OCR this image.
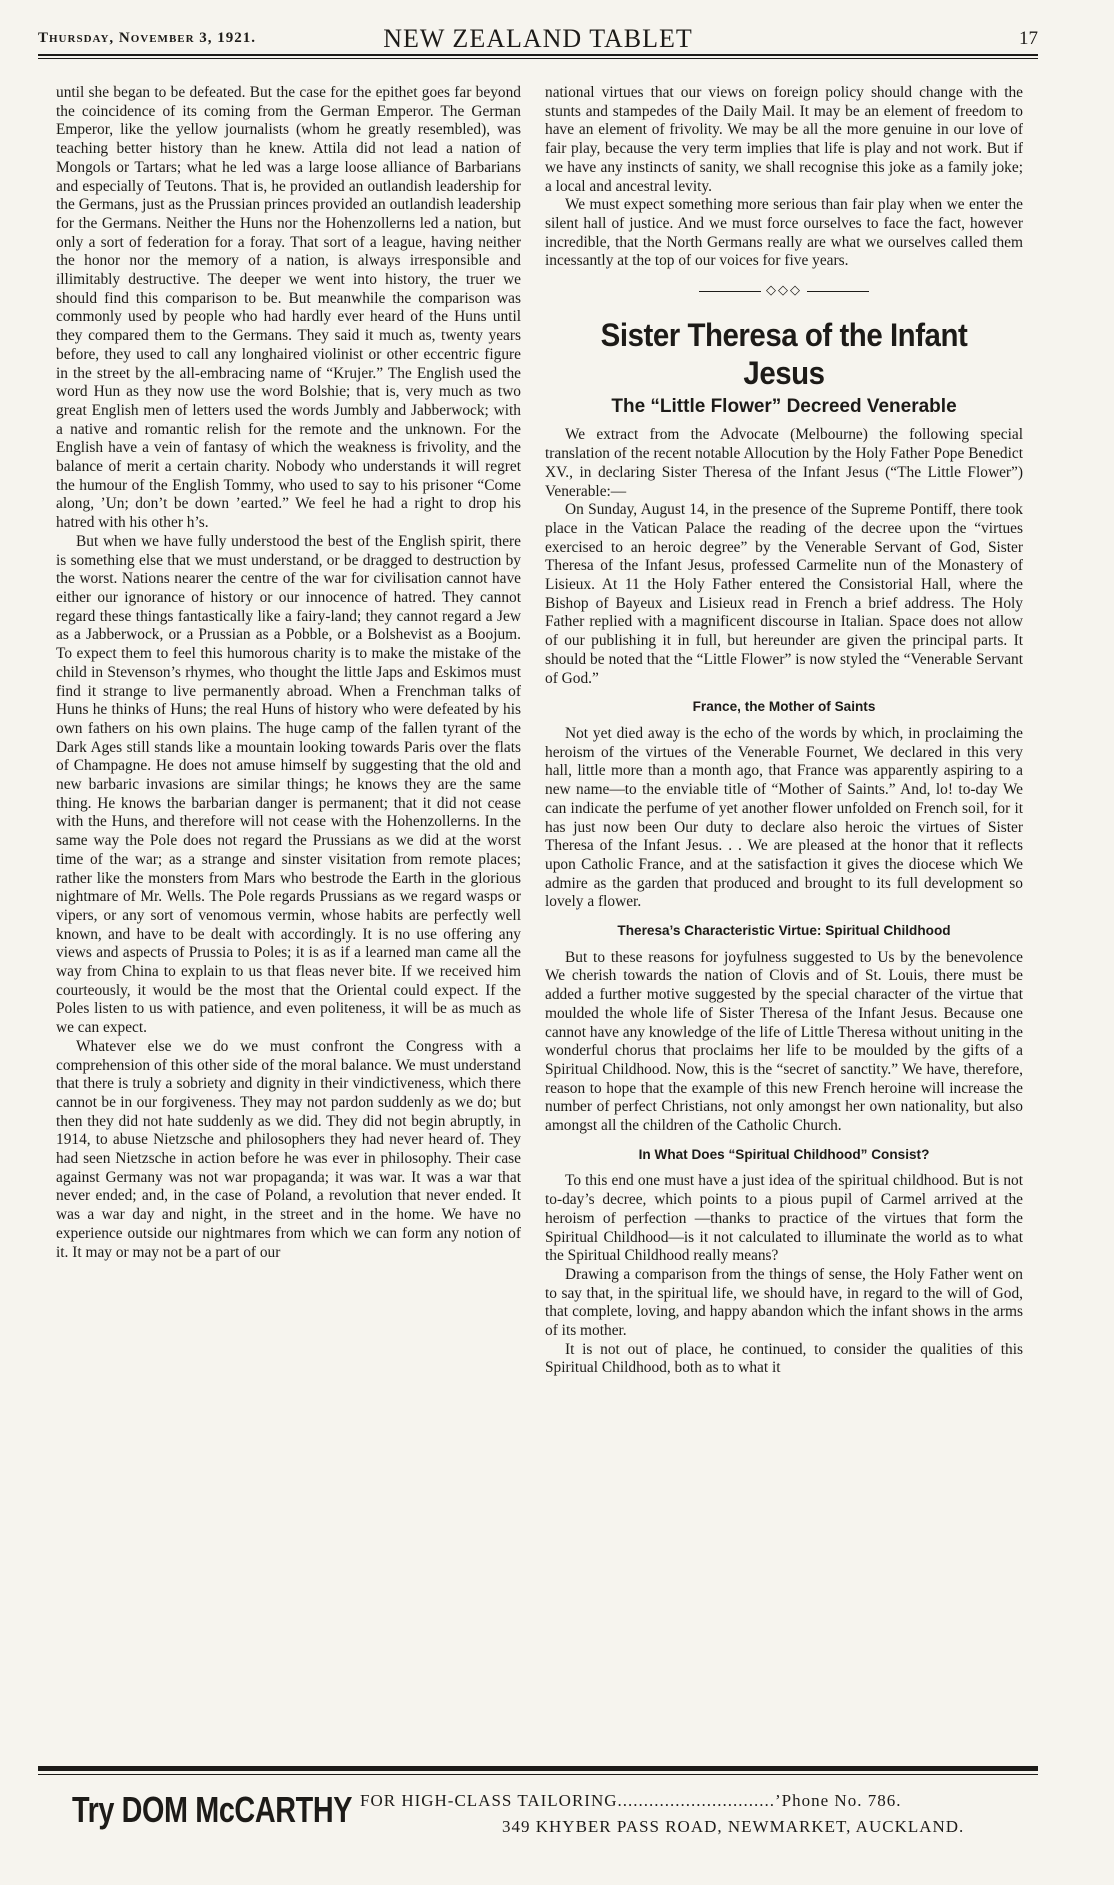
Thursday, November 3, 1921.	NEW ZEALAND TABLET	17

until she began to be defeated. But the case for the epithet goes far beyond the coincidence of its coming from the German Emperor. The German Emperor, like the yellow journalists (whom he greatly resembled), was teaching better history than he knew. Attila did not lead a nation of Mongols or Tartars; what he led was a large loose alliance of Barbarians and especially of Teutons. That is, he provided an outlandish leadership for the Germans, just as the Prussian princes provided an outlandish leadership for the Germans. Neither the Huns nor the Hohenzollerns led a nation, but only a sort of federation for a foray. That sort of a league, having neither the honor nor the memory of a nation, is always irresponsible and illimitably destructive. The deeper we went into history, the truer we should find this comparison to be. But meanwhile the comparison was commonly used by people who had hardly ever heard of the Huns until they compared them to the Germans. They said it much as, twenty years before, they used to call any longhaired violinist or other eccentric figure in the street by the all-embracing name of “Krujer.” The English used the word Hun as they now use the word Bolshie; that is, very much as two great English men of letters used the words Jumbly and Jabberwock; with a native and romantic relish for the remote and the unknown. For the English have a vein of fantasy of which the weakness is frivolity, and the balance of merit a certain charity. Nobody who understands it will regret the humour of the English Tommy, who used to say to his prisoner “Come along, ’Un; don’t be down ’earted.” We feel he had a right to drop his hatred with his other h’s.

But when we have fully understood the best of the English spirit, there is something else that we must understand, or be dragged to destruction by the worst. Nations nearer the centre of the war for civilisation cannot have either our ignorance of history or our innocence of hatred. They cannot regard these things fantastically like a fairy-land; they cannot regard a Jew as a Jabberwock, or a Prussian as a Pobble, or a Bolshevist as a Boojum. To expect them to feel this humorous charity is to make the mistake of the child in Stevenson’s rhymes, who thought the little Japs and Eskimos must find it strange to live permanently abroad. When a Frenchman talks of Huns he thinks of Huns; the real Huns of history who were defeated by his own fathers on his own plains. The huge camp of the fallen tyrant of the Dark Ages still stands like a mountain looking towards Paris over the flats of Champagne. He does not amuse himself by suggesting that the old and new barbaric invasions are similar things; he knows they are the same thing. He knows the barbarian danger is permanent; that it did not cease with the Huns, and therefore will not cease with the Hohenzollerns. In the same way the Pole does not regard the Prussians as we did at the worst time of the war; as a strange and sinster visitation from remote places; rather like the monsters from Mars who bestrode the Earth in the glorious nightmare of Mr. Wells. The Pole regards Prussians as we regard wasps or vipers, or any sort of venomous vermin, whose habits are perfectly well known, and have to be dealt with accordingly. It is no use offering any views and aspects of Prussia to Poles; it is as if a learned man came all the way from China to explain to us that fleas never bite. If we received him courteously, it would be the most that the Oriental could expect. If the Poles listen to us with patience, and even politeness, it will be as much as we can expect.

Whatever else we do we must confront the Congress with a comprehension of this other side of the moral balance. We must understand that there is truly a sobriety and dignity in their vindictiveness, which there cannot be in our forgiveness. They may not pardon suddenly as we do; but then they did not hate suddenly as we did. They did not begin abruptly, in 1914, to abuse Nietzsche and philosophers they had never heard of. They had seen Nietzsche in action before he was ever in philosophy. Their case against Germany was not war propaganda; it was war. It was a war that never ended; and, in the case of Poland, a revolution that never ended. It was a war day and night, in the street and in the home. We have no experience outside our nightmares from which we can form any notion of it. It may or may not be a part of our

national virtues that our views on foreign policy should change with the stunts and stampedes of the Daily Mail. It may be an element of freedom to have an element of frivolity. We may be all the more genuine in our love of fair play, because the very term implies that life is play and not work. But if we have any instincts of sanity, we shall recognise this joke as a family joke; a local and ancestral levity.

We must expect something more serious than fair play when we enter the silent hall of justice. And we must force ourselves to face the fact, however incredible, that the North Germans really are what we ourselves called them incessantly at the top of our voices for five years.

◇◇◇
Sister Theresa of the Infant Jesus
The “Little Flower” Decreed Venerable

We extract from the Advocate (Melbourne) the following special translation of the recent notable Allocution by the Holy Father Pope Benedict XV., in declaring Sister Theresa of the Infant Jesus (“The Little Flower”) Venerable:—

On Sunday, August 14, in the presence of the Supreme Pontiff, there took place in the Vatican Palace the reading of the decree upon the “virtues exercised to an heroic degree” by the Venerable Servant of God, Sister Theresa of the Infant Jesus, professed Carmelite nun of the Monastery of Lisieux. At 11 the Holy Father entered the Consistorial Hall, where the Bishop of Bayeux and Lisieux read in French a brief address. The Holy Father replied with a magnificent discourse in Italian. Space does not allow of our publishing it in full, but hereunder are given the principal parts. It should be noted that the “Little Flower” is now styled the “Venerable Servant of God.”

France, the Mother of Saints

Not yet died away is the echo of the words by which, in proclaiming the heroism of the virtues of the Venerable Fournet, We declared in this very hall, little more than a month ago, that France was apparently aspiring to a new name—to the enviable title of “Mother of Saints.” And, lo! to-day We can indicate the perfume of yet another flower unfolded on French soil, for it has just now been Our duty to declare also heroic the virtues of Sister Theresa of the Infant Jesus. . . We are pleased at the honor that it reflects upon Catholic France, and at the satisfaction it gives the diocese which We admire as the garden that produced and brought to its full development so lovely a flower.

Theresa’s Characteristic Virtue: Spiritual Childhood

But to these reasons for joyfulness suggested to Us by the benevolence We cherish towards the nation of Clovis and of St. Louis, there must be added a further motive suggested by the special character of the virtue that moulded the whole life of Sister Theresa of the Infant Jesus. Because one cannot have any knowledge of the life of Little Theresa without uniting in the wonderful chorus that proclaims her life to be moulded by the gifts of a Spiritual Childhood. Now, this is the “secret of sanctity.” We have, therefore, reason to hope that the example of this new French heroine will increase the number of perfect Christians, not only amongst her own nationality, but also amongst all the children of the Catholic Church.

In What Does “Spiritual Childhood” Consist?

To this end one must have a just idea of the spiritual childhood. But is not to-day’s decree, which points to a pious pupil of Carmel arrived at the heroism of perfection —thanks to practice of the virtues that form the Spiritual Childhood—is it not calculated to illuminate the world as to what the Spiritual Childhood really means?

Drawing a comparison from the things of sense, the Holy Father went on to say that, in the spiritual life, we should have, in regard to the will of God, that complete, loving, and happy abandon which the infant shows in the arms of its mother.

It is not out of place, he continued, to consider the qualities of this Spiritual Childhood, both as to what it

Try DOM McCARTHY FOR HIGH-CLASS TAILORING..............................’Phone No. 786.
349 KHYBER PASS ROAD, NEWMARKET, AUCKLAND.
